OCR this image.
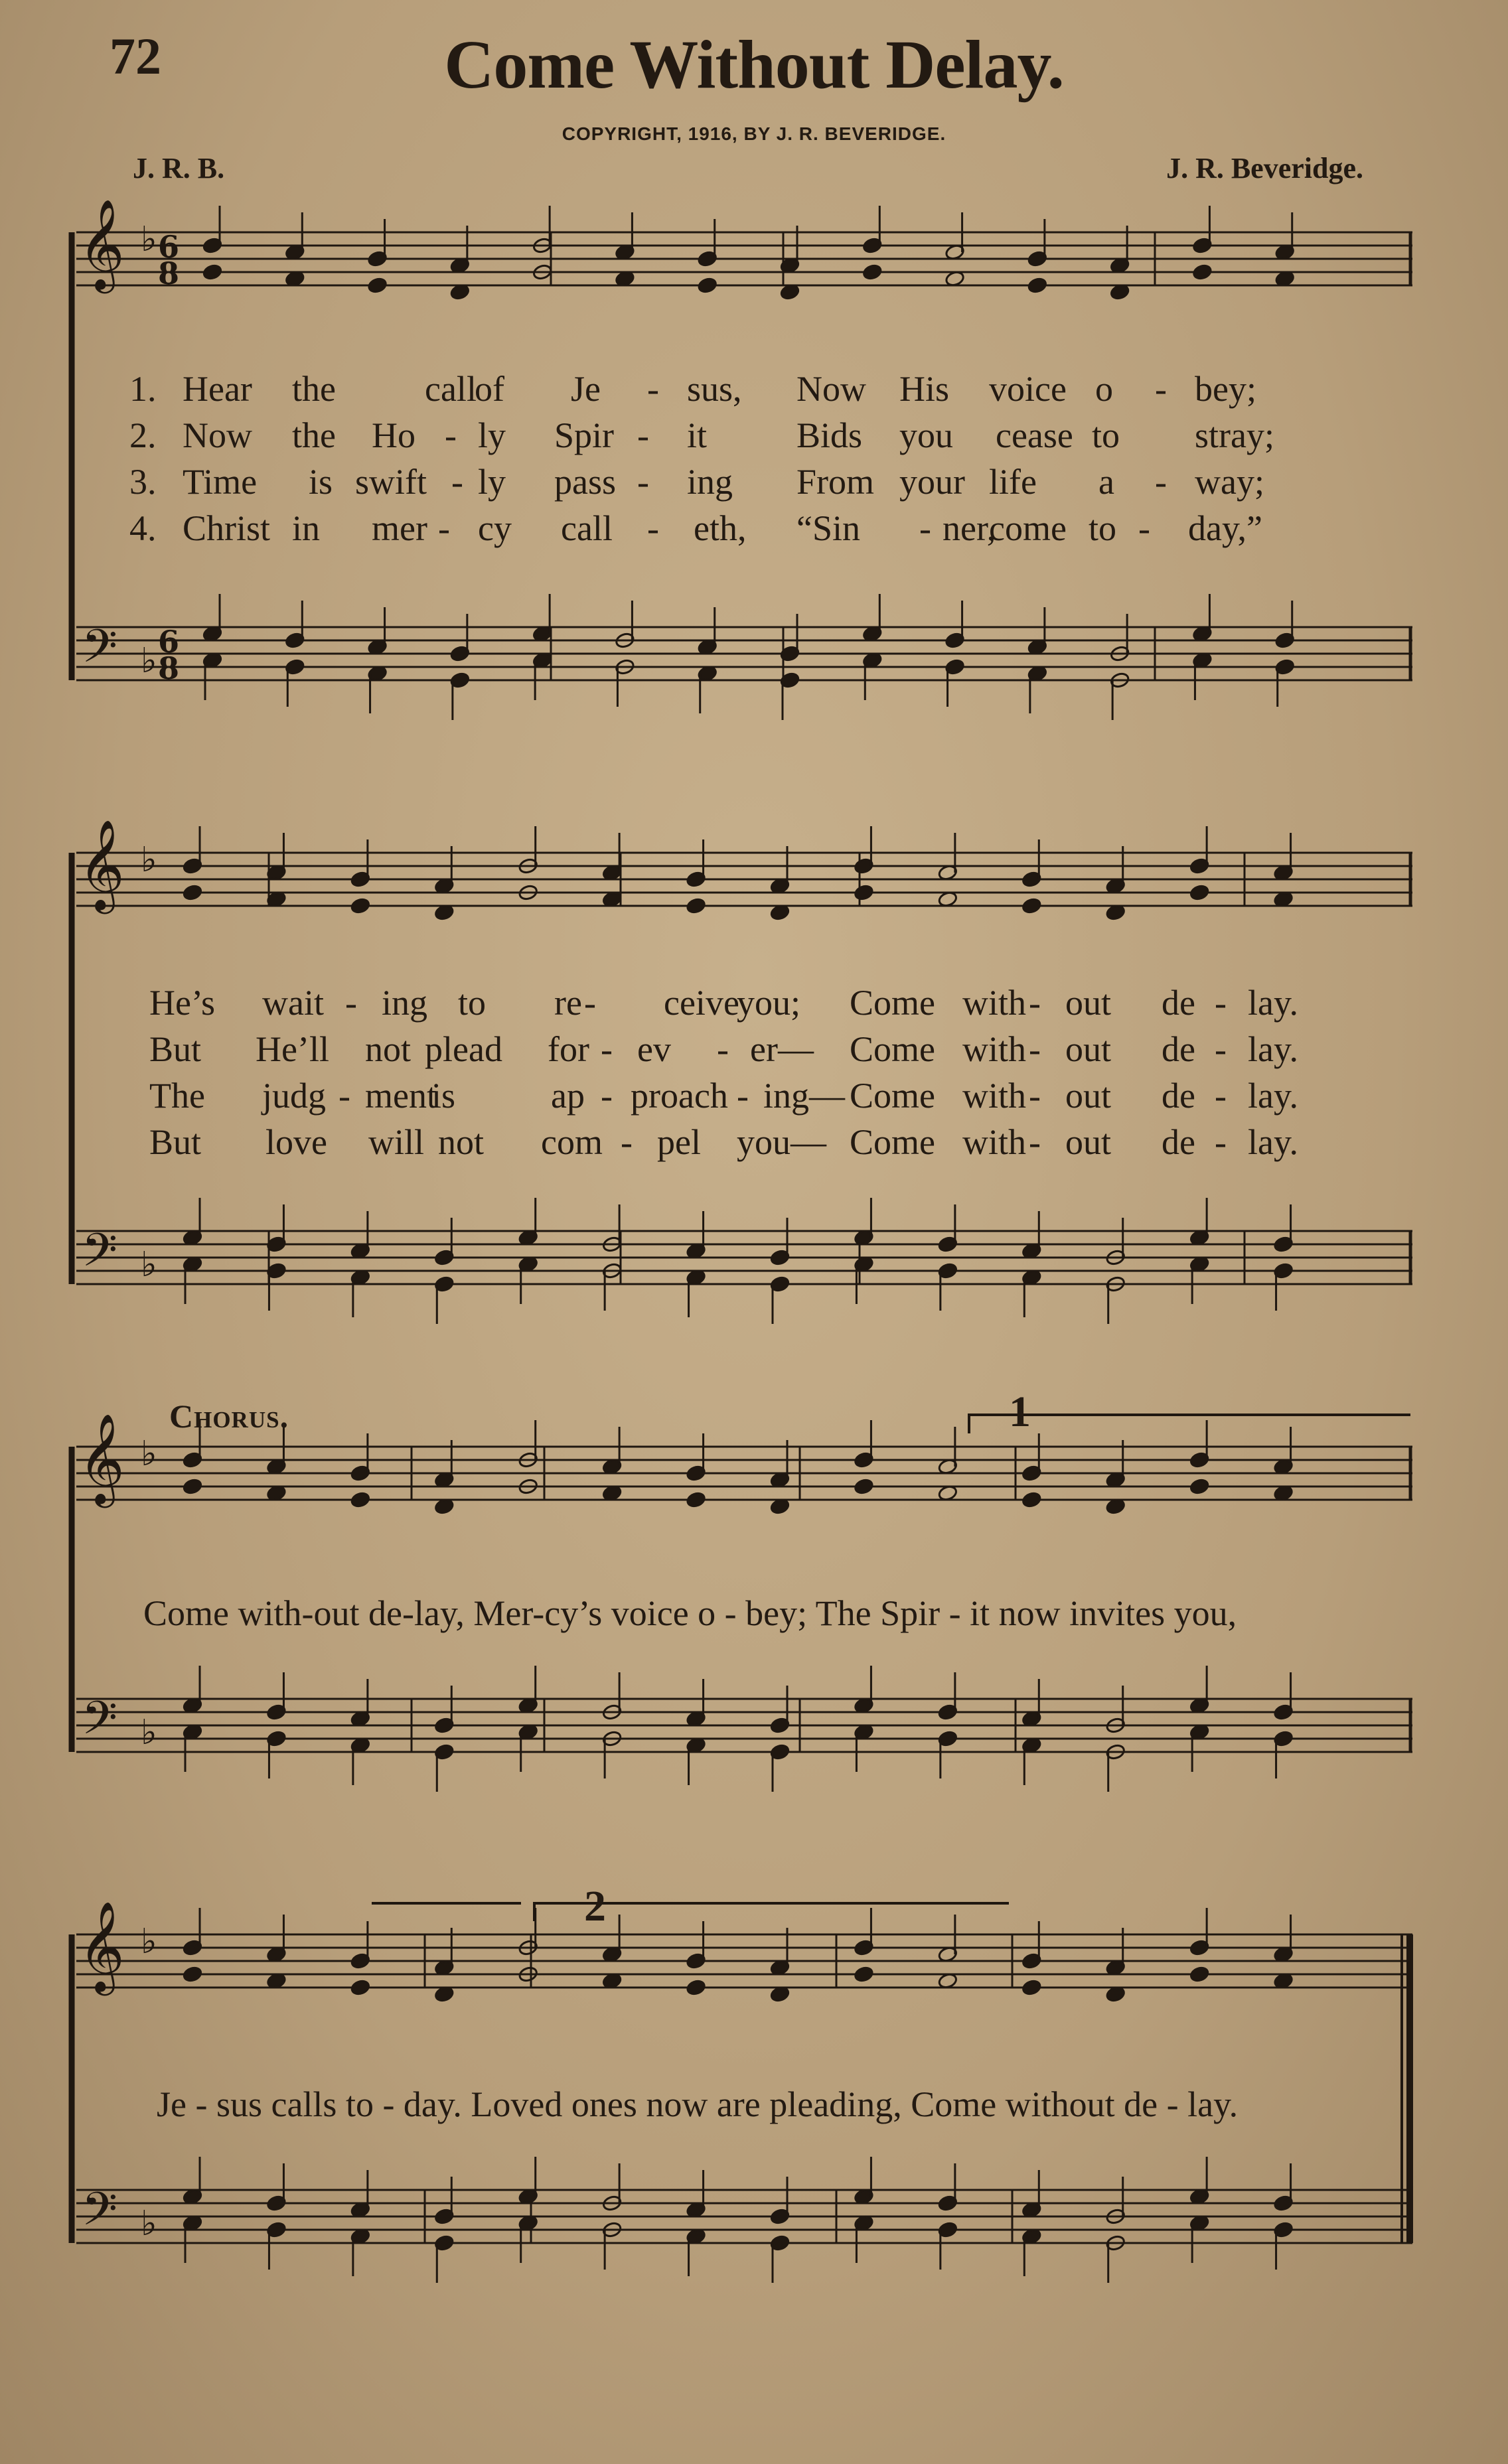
72	Come Without Delay.
COPYRIGHT, 1916, BY J. R. BEVERIDGE.
J. R. B.	J. R. Beveridge.
𝄞
𝄢
♭
♭
6
8
6
8
𝄞
𝄢
♭
♭
𝄞
𝄢
♭
♭
𝄞
𝄢
♭
♭
Chorus.
Come with-out de-lay, Mer-cy’s voice o - bey; The Spir - it now invites you,
Je - sus calls to - day. Loved ones now are pleading, Come without de - lay.
1
2
1. Hear the call
of Je - sus, Now His voice o - bey;
2. Now the Ho - ly Spir - it Bids you cease to stray;
3. Time is swift - ly pass - ing From your life a - way;
4. Christ in mer - cy call - eth, “Sin - ner,
come to - day,”
He’s wait - ing to re - ceive
you; Come with - out de - lay.
But He’ll not plead for - ev - er— Come with - out de - lay.
The judg - ment
is	ap - proach - ing— Come with - out de - lay.
But love will not com - pel you— Come with - out de - lay.
